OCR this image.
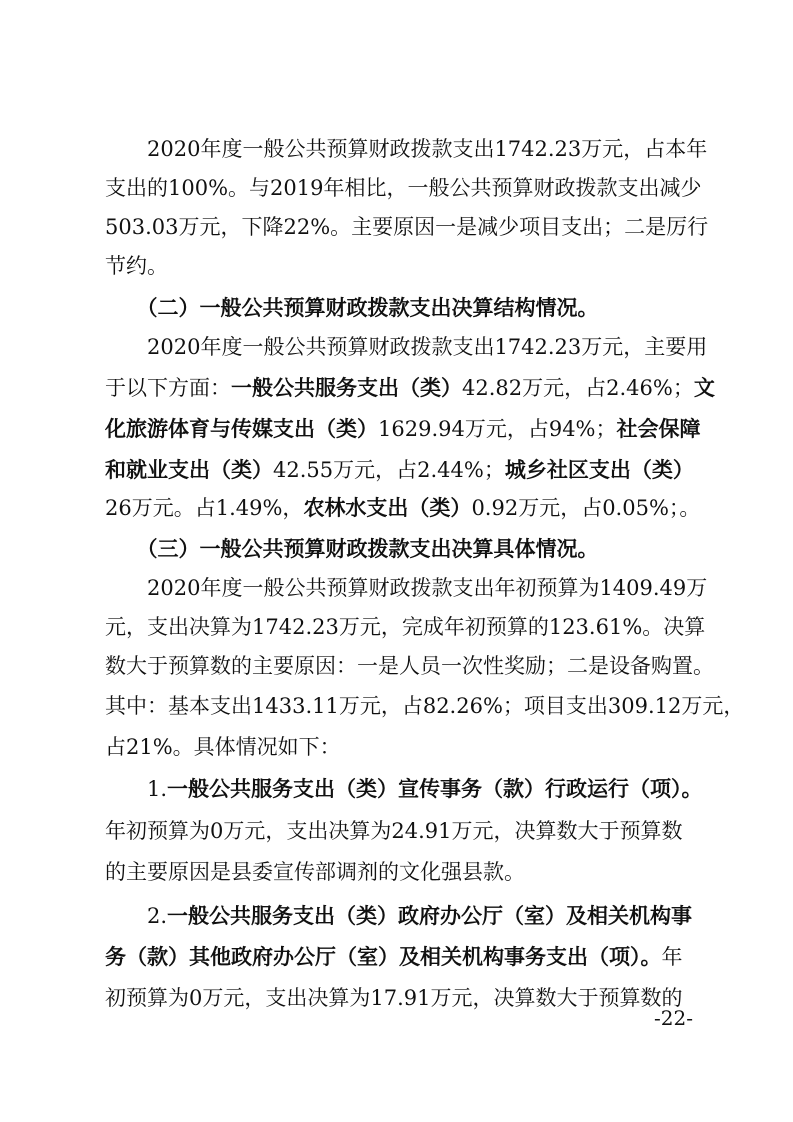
　　2020年度一般公共预算财政拨款支出1742.23万元，占本年
支出的100%。与2019年相比，一般公共预算财政拨款支出减少
503.03万元，下降22%。主要原因一是减少项目支出；二是厉行
节约。
　　（二）一般公共预算财政拨款支出决算结构情况。
　　2020年度一般公共预算财政拨款支出1742.23万元，主要用
于以下方面：一般公共服务支出（类）42.82万元，占2.46%；文
化旅游体育与传媒支出（类）1629.94万元，占94%；社会保障
和就业支出（类）42.55万元，占2.44%；城乡社区支出（类）
26万元。占1.49%，农林水支出（类）0.92万元，占0.05%；。
　　（三）一般公共预算财政拨款支出决算具体情况。
　　2020年度一般公共预算财政拨款支出年初预算为1409.49万
元，支出决算为1742.23万元，完成年初预算的123.61%。决算
数大于预算数的主要原因：一是人员一次性奖励；二是设备购置。
其中：基本支出1433.11万元，占82.26%；项目支出309.12万元，
占21%。具体情况如下：
　　1.一般公共服务支出（类）宣传事务（款）行政运行（项）。
年初预算为0万元，支出决算为24.91万元，决算数大于预算数
的主要原因是县委宣传部调剂的文化强县款。
　　2.一般公共服务支出（类）政府办公厅（室）及相关机构事
务（款）其他政府办公厅（室）及相关机构事务支出（项）。年
初预算为0万元，支出决算为17.91万元，决算数大于预算数的
-22-
